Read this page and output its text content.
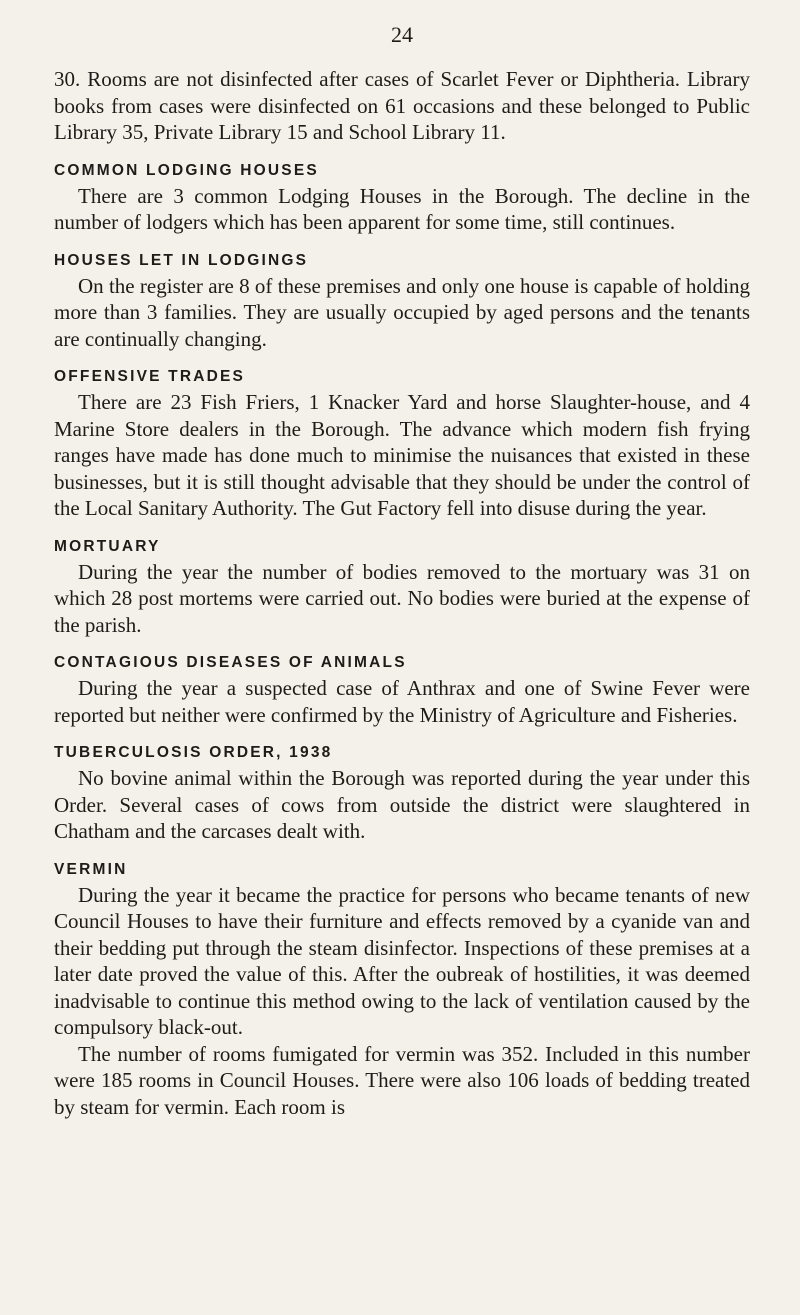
24

30. Rooms are not disinfected after cases of Scarlet Fever or Diphtheria. Library books from cases were disinfected on 61 occasions and these belonged to Public Library 35, Private Library 15 and School Library 11.

COMMON LODGING HOUSES

There are 3 common Lodging Houses in the Borough. The decline in the number of lodgers which has been apparent for some time, still continues.

HOUSES LET IN LODGINGS

On the register are 8 of these premises and only one house is capable of holding more than 3 families. They are usually occupied by aged persons and the tenants are continually changing.

OFFENSIVE TRADES

There are 23 Fish Friers, 1 Knacker Yard and horse Slaughter-house, and 4 Marine Store dealers in the Borough. The advance which modern fish frying ranges have made has done much to minimise the nuisances that existed in these businesses, but it is still thought advisable that they should be under the control of the Local Sanitary Authority. The Gut Factory fell into disuse during the year.

MORTUARY

During the year the number of bodies removed to the mortuary was 31 on which 28 post mortems were carried out. No bodies were buried at the expense of the parish.

CONTAGIOUS DISEASES OF ANIMALS

During the year a suspected case of Anthrax and one of Swine Fever were reported but neither were confirmed by the Ministry of Agriculture and Fisheries.

TUBERCULOSIS ORDER, 1938

No bovine animal within the Borough was reported during the year under this Order. Several cases of cows from outside the district were slaughtered in Chatham and the carcases dealt with.

VERMIN

During the year it became the practice for persons who became tenants of new Council Houses to have their furniture and effects removed by a cyanide van and their bedding put through the steam disinfector. Inspections of these premises at a later date proved the value of this. After the oubreak of hostilities, it was deemed inadvisable to continue this method owing to the lack of ventilation caused by the compulsory black-out.

The number of rooms fumigated for vermin was 352. Included in this number were 185 rooms in Council Houses. There were also 106 loads of bedding treated by steam for vermin. Each room is
